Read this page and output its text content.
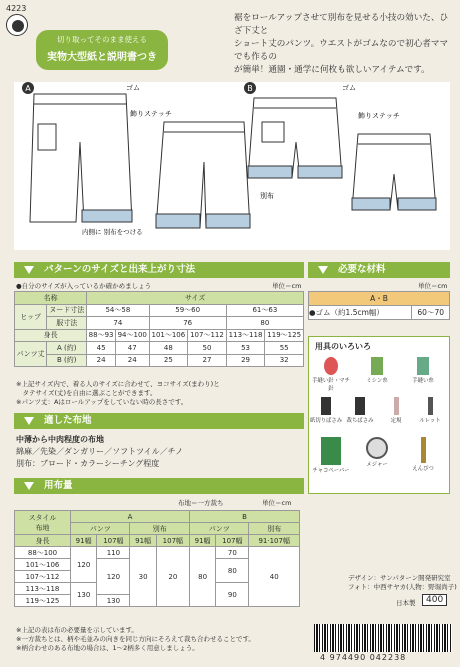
4223
切り取ってそのまま使える
実物大型紙と説明書つき
裾をロールアップさせて別布を見せる小技の効いた、ひざ下丈と
ショート丈のパンツ。ウエストがゴムなので初心者ママでも作るの
が簡単！通園・通学に何枚も欲しいアイテムです。
A	B
ゴム
飾りステッチ
内側に 別布をつける
ゴム
飾りステッチ
別布
パターンのサイズと出来上がり寸法
●自分のサイズが入っているか確かめましょう	単位＝cm
名称		サイズ					
ヒップ	ヌード寸法	54〜58		59〜60		61〜63	
	服寸法	74		76		80	
身長		88〜93	94〜100	101〜106	107〜112	113〜118	119〜125
パンツ丈	A (約)	45	47	48	50	53	55
	B (約)	24	24	25	27	29	32
※上記サイズ内で、着る人のサイズに合わせて、ヨコサイズ(まわり)と
　タテサイズ(丈)を自由に選ぶことができます。
※パンツ丈：Aはロールアップをしていない時の長さです。
必要な材料
単位＝cm
A・B
●ゴム（約1.5cm幅）	60〜70
用具のいろいろ
手縫い針・マチ針
ミシン糸	手縫い糸
紙切りばさみ 裁ちばさみ	定規	ルレット
チャコペーパー
メジャー
えんぴつ
適した布地
中薄から中肉程度の布地
綿麻／先染／ダンガリー／ソフトツイル／チノ
別布：ブロード・カラーシーチング程度
用布量
布地＝一方裁ち	単位＝cm
スタイル
布地	A				B		
	パンツ		別布		パンツ		別布
身長	91幅	107幅	91幅	107幅	91幅	107幅	91·107幅
88〜100	120	110	30	20	80	70	40
101〜106		120				80	
107〜112							
113〜118	130					90	
119〜125		130					
※上記の表は布の必要量を示しています。
※一方裁ちとは、柄や毛並みの向きを同じ方向にそろえて裁ち合わせることです。
※柄合わせのある布地の場合は、1〜2柄多く用意しましょう。
デザイン：サンパターン開発研究室
フォト：中西サヤカ(人物：野堀尚子)
日本製	400
4 974490 042238
